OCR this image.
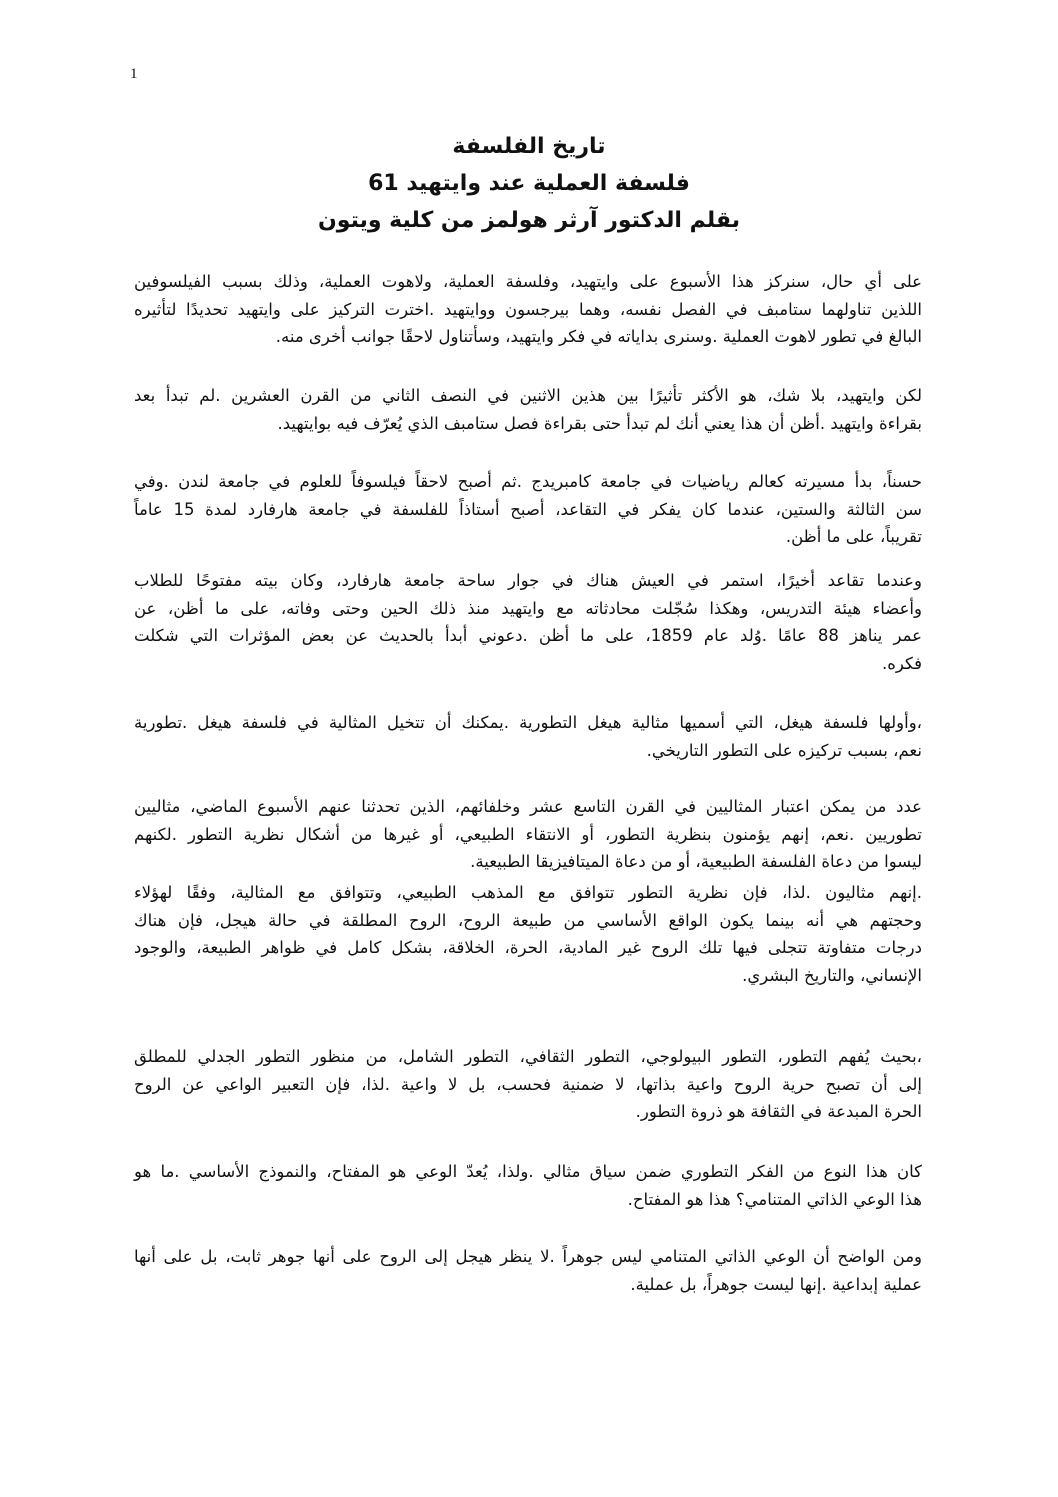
1
تاريخ الفلسفة
فلسفة العملية عند وايتهيد 61
بقلم الدكتور آرثر هولمز من كلية ويتون
على أي حال، سنركز هذا الأسبوع على وايتهيد، وفلسفة العملية، ولاهوت العملية، وذلك بسبب الفيلسوفين
اللذين تناولهما ستامبف في الفصل نفسه، وهما بيرجسون ووايتهيد .اخترت التركيز على وايتهيد تحديدًا لتأثيره
البالغ في تطور لاهوت العملية .وسنرى بداياته في فكر وايتهيد، وسأتناول لاحقًا جوانب أخرى منه.
لكن وايتهيد، بلا شك، هو الأكثر تأثيرًا بين هذين الاثنين في النصف الثاني من القرن العشرين .لم تبدأ بعد
بقراءة وايتهيد .أظن أن هذا يعني أنك لم تبدأ حتى بقراءة فصل ستامبف الذي يُعرّف فيه بوايتهيد.
حسناً، بدأ مسيرته كعالم رياضيات في جامعة كامبريدج .ثم أصبح لاحقاً فيلسوفاً للعلوم في جامعة لندن .وفي
سن الثالثة والستين، عندما كان يفكر في التقاعد، أصبح أستاذاً للفلسفة في جامعة هارفارد لمدة 15 عاماً
تقريباً، على ما أظن.
وعندما تقاعد أخيرًا، استمر في العيش هناك في جوار ساحة جامعة هارفارد، وكان بيته مفتوحًا للطلاب
وأعضاء هيئة التدريس، وهكذا سُجّلت محادثاته مع وايتهيد منذ ذلك الحين وحتى وفاته، على ما أظن، عن
عمر يناهز 88 عامًا .وُلد عام 1859، على ما أظن .دعوني أبدأ بالحديث عن بعض المؤثرات التي شكلت
فكره.
،وأولها فلسفة هيغل، التي أسميها مثالية هيغل التطورية .يمكنك أن تتخيل المثالية في فلسفة هيغل .تطورية
نعم، بسبب تركيزه على التطور التاريخي.
عدد من يمكن اعتبار المثاليين في القرن التاسع عشر وخلفائهم، الذين تحدثنا عنهم الأسبوع الماضي، مثاليين
تطوريين .نعم، إنهم يؤمنون بنظرية التطور، أو الانتقاء الطبيعي، أو غيرها من أشكال نظرية التطور .لكنهم
ليسوا من دعاة الفلسفة الطبيعية، أو من دعاة الميتافيزيقا الطبيعية.
.إنهم مثاليون .لذا، فإن نظرية التطور تتوافق مع المذهب الطبيعي، وتتوافق مع المثالية، وفقًا لهؤلاء
وحجتهم هي أنه بينما يكون الواقع الأساسي من طبيعة الروح، الروح المطلقة في حالة هيجل، فإن هناك
درجات متفاوتة تتجلى فيها تلك الروح غير المادية، الحرة، الخلاقة، بشكل كامل في ظواهر الطبيعة، والوجود
الإنساني، والتاريخ البشري.
،بحيث يُفهم التطور، التطور البيولوجي، التطور الثقافي، التطور الشامل، من منظور التطور الجدلي للمطلق
إلى أن تصبح حرية الروح واعية بذاتها، لا ضمنية فحسب، بل لا واعية .لذا، فإن التعبير الواعي عن الروح
الحرة المبدعة في الثقافة هو ذروة التطور.
كان هذا النوع من الفكر التطوري ضمن سياق مثالي .ولذا، يُعدّ الوعي هو المفتاح، والنموذج الأساسي .ما هو
هذا الوعي الذاتي المتنامي؟ هذا هو المفتاح.
ومن الواضح أن الوعي الذاتي المتنامي ليس جوهراً .لا ينظر هيجل إلى الروح على أنها جوهر ثابت، بل على أنها
عملية إبداعية .إنها ليست جوهراً، بل عملية.
